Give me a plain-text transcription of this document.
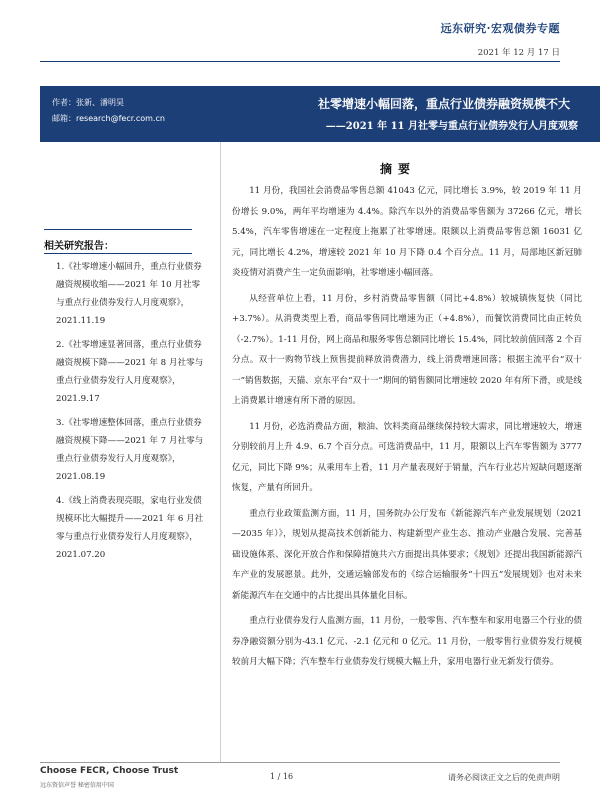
远东研究·宏观债券专题
2021 年 12 月 17 日
作者：张新、潘明昊
邮箱：research@fecr.com.cn
社零增速小幅回落，重点行业债券融资规模不大
——2021 年 11 月社零与重点行业债券发行人月度观察
相关研究报告：
1.《社零增速小幅回升，重点行业债券融资规模收缩——2021 年 10 月社零与重点行业债券发行人月度观察》，2021.11.19
2.《社零增速显著回落，重点行业债券融资规模下降——2021 年 8 月社零与重点行业债券发行人月度观察》，2021.9.17
3.《社零增速整体回落，重点行业债券融资规模下降——2021 年 7 月社零与重点行业债券发行人月度观察》，2021.08.19
4.《线上消费表现亮眼，家电行业发债规模环比大幅提升——2021 年 6 月社零与重点行业债券发行人月度观察》，2021.07.20
摘要

11 月份，我国社会消费品零售总额 41043 亿元，同比增长 3.9%，较 2019 年 11 月份增长 9.0%，两年平均增速为 4.4%。除汽车以外的消费品零售额为 37266 亿元，增长 5.4%，汽车零售增速在一定程度上拖累了社零增速。限额以上消费品零售总额 16031 亿元，同比增长 4.2%，增速较 2021 年 10 月下降 0.4 个百分点。11 月，局部地区新冠肺炎疫情对消费产生一定负面影响，社零增速小幅回落。

从经营单位上看，11 月份，乡村消费品零售额（同比+4.8%）较城镇恢复快（同比+3.7%）。从消费类型上看，商品零售同比增速为正（+4.8%），而餐饮消费同比由正转负（-2.7%）。1-11 月份，网上商品和服务零售总额同比增长 15.4%，同比较前值回落 2 个百分点。双十一购物节线上预售提前释放消费潜力，线上消费增速回落；根据主流平台“双十一”销售数据，天猫、京东平台“双十一”期间的销售额同比增速较 2020 年有所下滑，或是线上消费累计增速有所下滑的原因。

11 月份，必选消费品方面，粮油、饮料类商品继续保持较大需求，同比增速较大，增速分别较前月上升 4.9、6.7 个百分点。可选消费品中，11 月，限额以上汽车零售额为 3777 亿元，同比下降 9%；从乘用车上看，11 月产量表现好于销量，汽车行业芯片短缺问题逐渐恢复，产量有所回升。

重点行业政策监测方面，11 月，国务院办公厅发布《新能源汽车产业发展规划（2021—2035 年）》，规划从提高技术创新能力、构建新型产业生态、推动产业融合发展、完善基础设施体系、深化开放合作和保障措施共六方面提出具体要求；《规划》还提出我国新能源汽车产业的发展愿景。此外，交通运输部发布的《综合运输服务“十四五”发展规划》也对未来新能源汽车在交通中的占比提出具体量化目标。

重点行业债券发行人监测方面，11 月份，一般零售、汽车整车和家用电器三个行业的债券净融资额分别为-43.1 亿元、-2.1 亿元和 0 亿元。11 月份，一般零售行业债券发行规模较前月大幅下降；汽车整车行业债券发行规模大幅上升，家用电器行业无新发行债券。

Choose FECR, Choose Trust
远东资信声誉 秘密信用中国
1 / 16	请务必阅读正文之后的免责声明
